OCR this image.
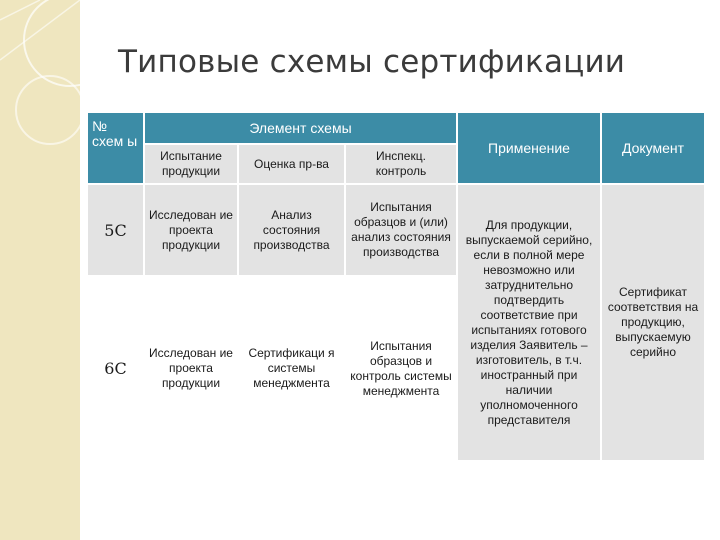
Типовые схемы сертификации
№ схем ы
Элемент схемы
Испытание продукции
Оценка пр-ва
Инспекц. контроль
Применение	Документ
5С
Исследован ие проекта продукции
Анализ состояния производства
Испытания образцов и (или) анализ состояния производства
6С
Исследован ие проекта продукции
Сертификаци я системы менеджмента
Испытания образцов и контроль системы менеджмента
Для продукции, выпускаемой серийно, если в полной мере невозможно или затруднительно подтвердить соответствие при испытаниях готового изделия Заявитель – изготовитель, в т.ч. иностранный при наличии уполномоченного представителя
Сертификат соответствия на продукцию, выпускаемую серийно
